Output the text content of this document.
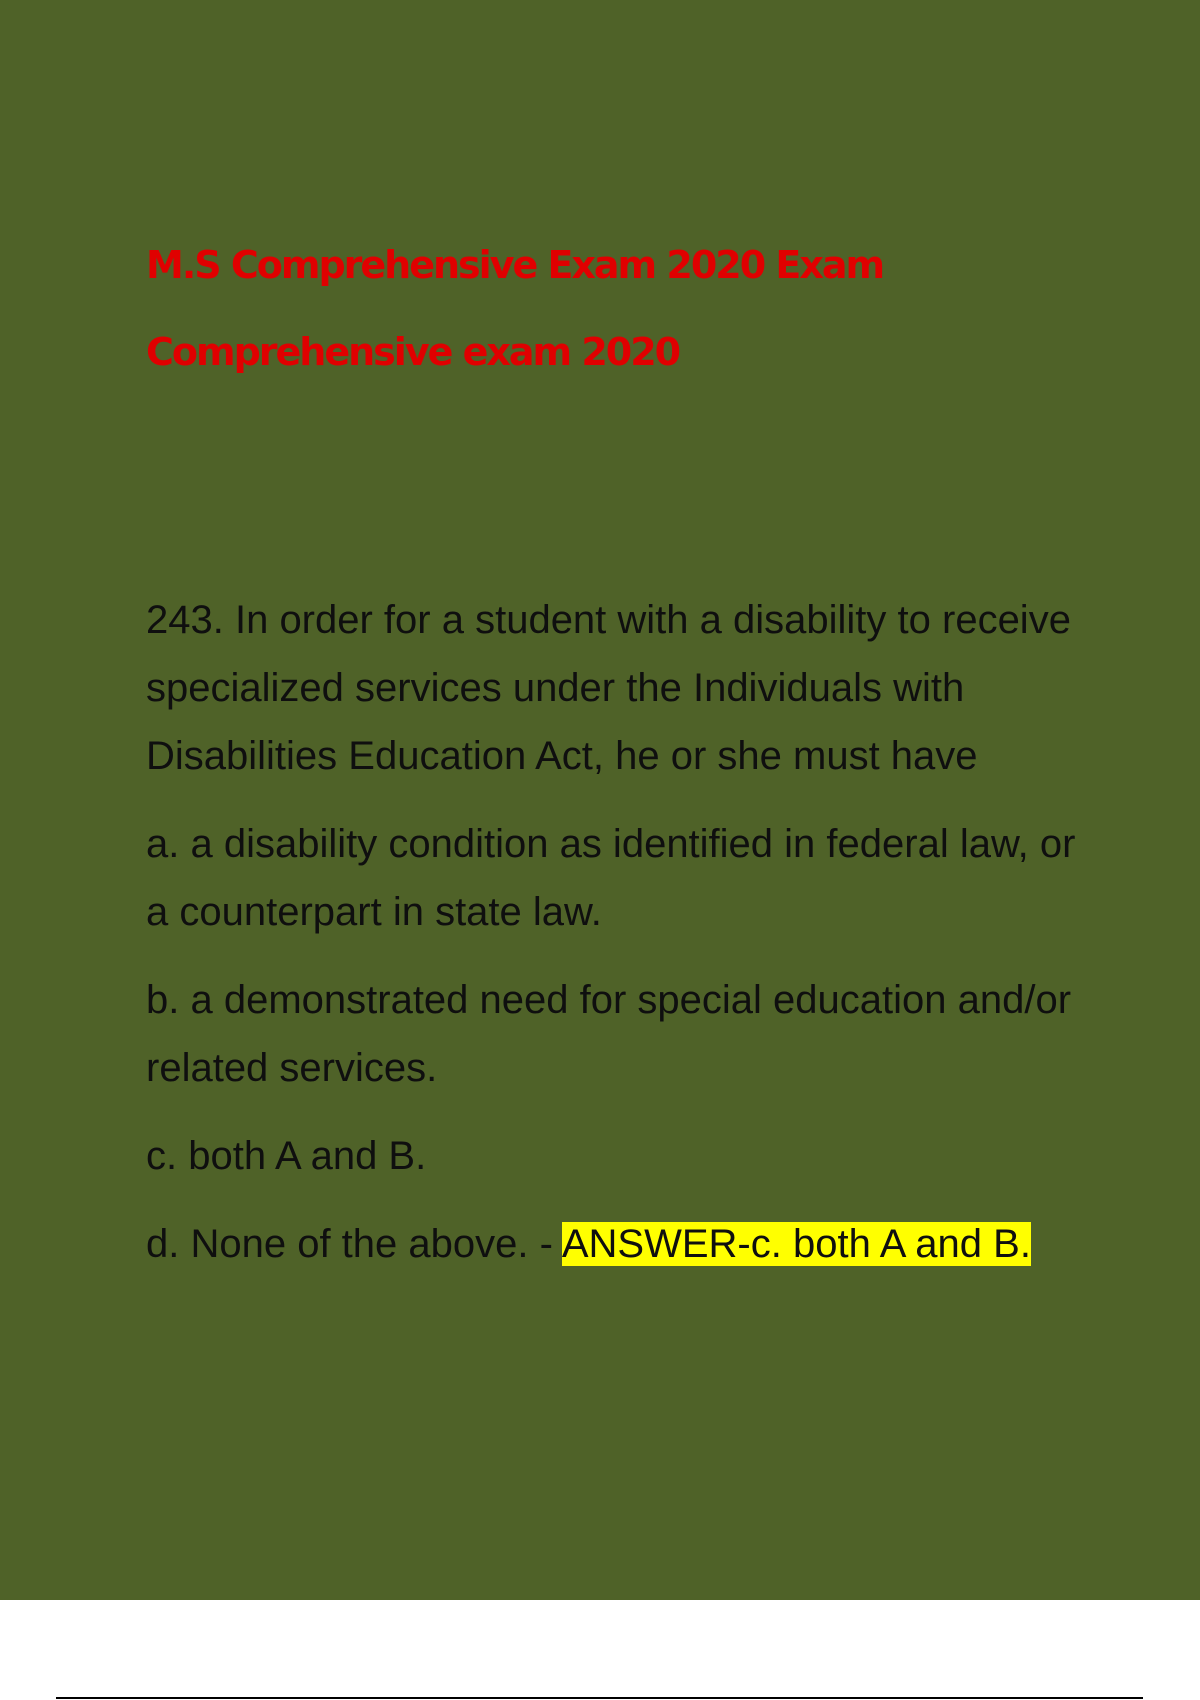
M.S Comprehensive Exam 2020 Exam
Comprehensive exam 2020

243. In order for a student with a disability to receive specialized services under the Individuals with Disabilities Education Act, he or she must have

a. a disability condition as identified in federal law, or a counterpart in state law.

b. a demonstrated need for special education and/or related services.

c. both A and B.

d. None of the above. - ANSWER-c. both A and B.
